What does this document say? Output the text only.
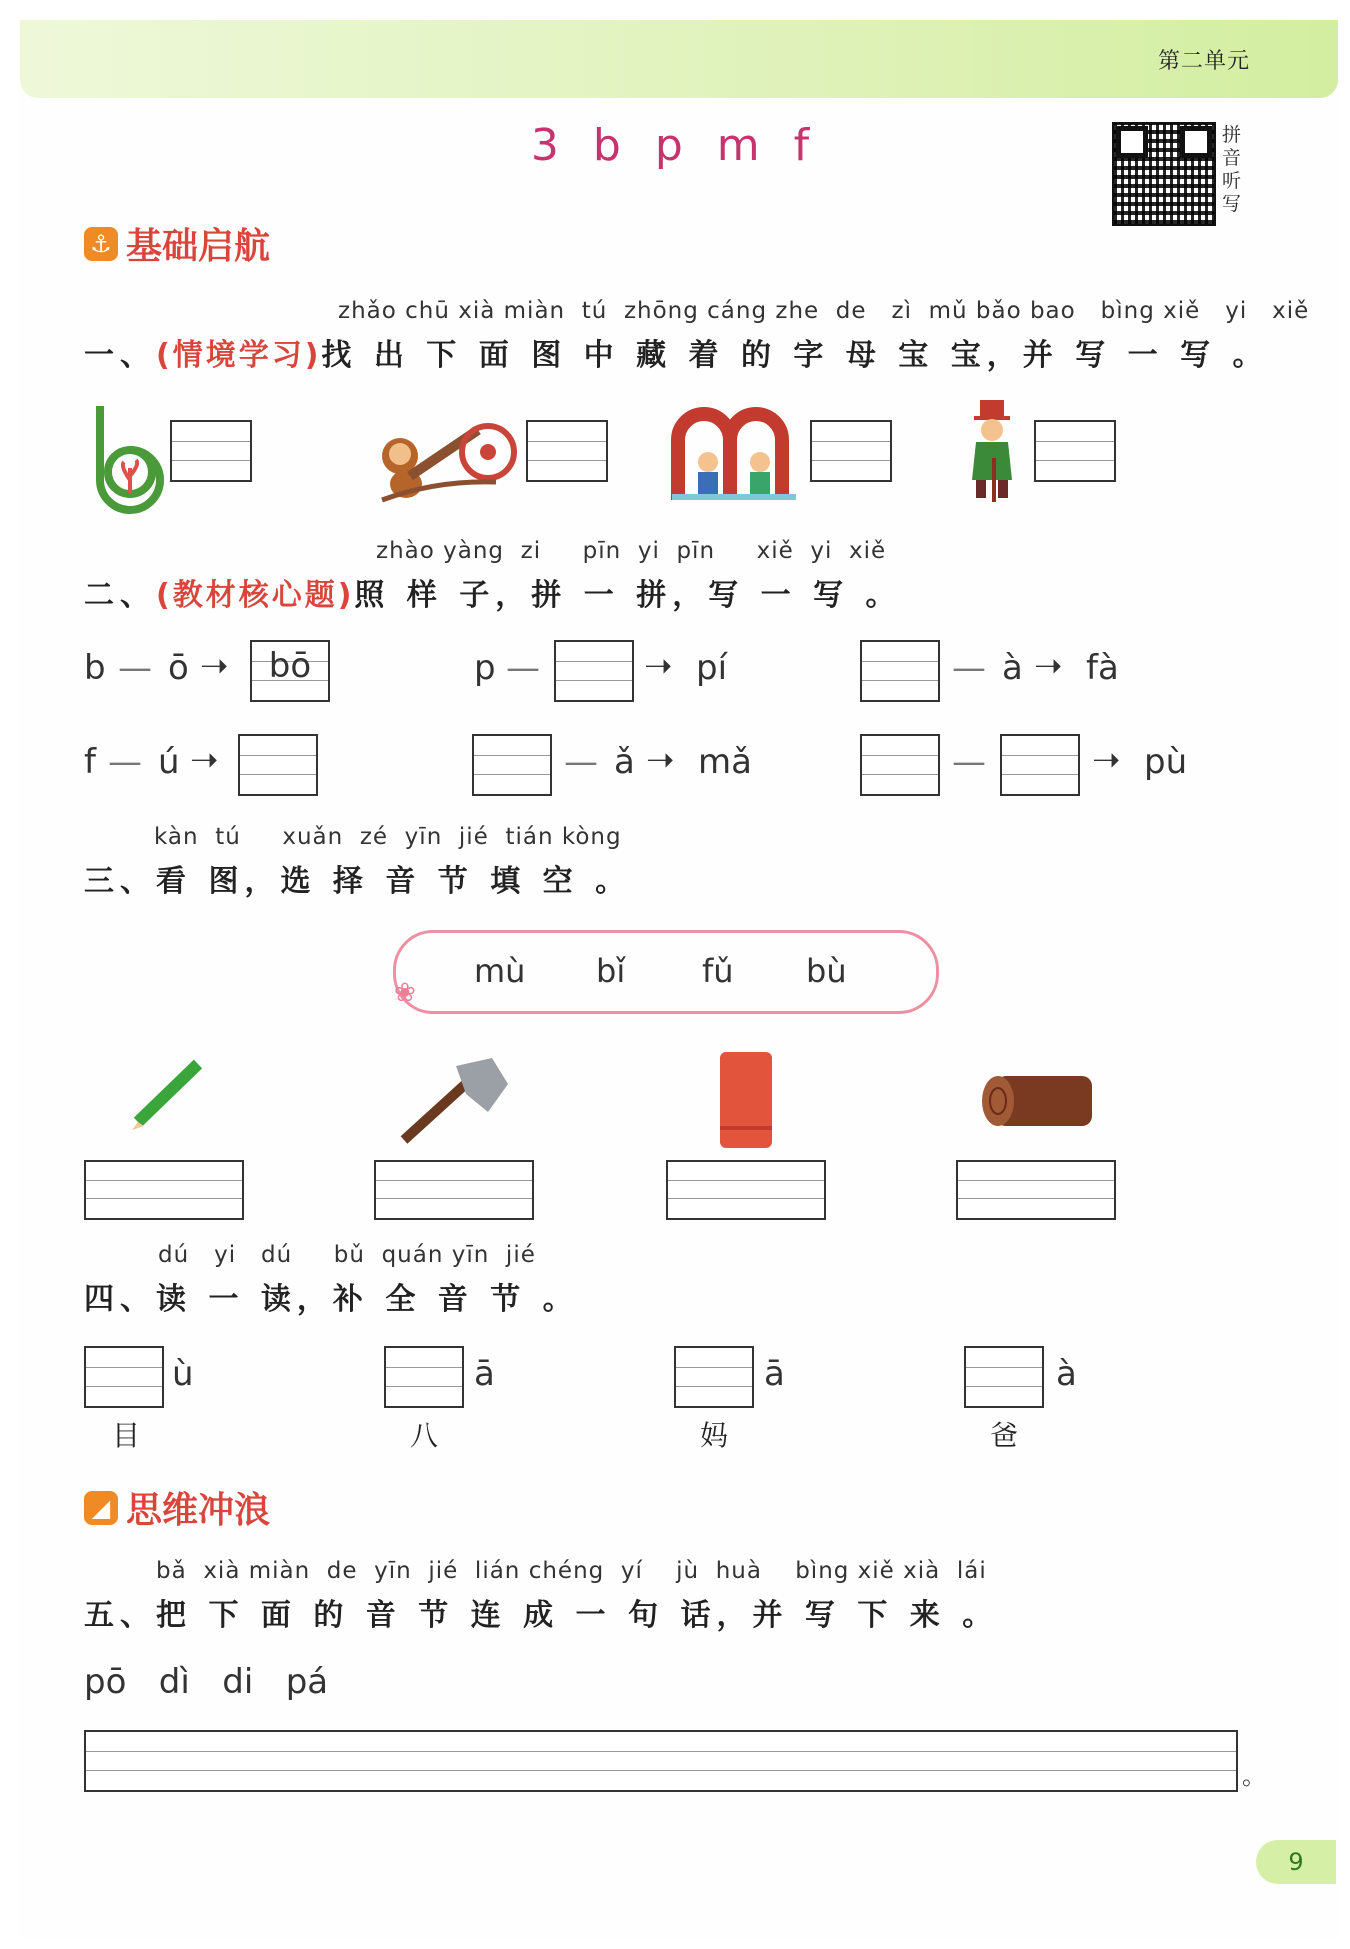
第二单元
3 b p m f	拼
音
听
写
⚓ 基础启航
zhǎo chū xià miàn  tú  zhōng cáng zhe  de   zì  mǔ bǎo bao   bìng xiě   yi   xiě
一、(情境学习)找 出 下 面 图 中 藏 着 的 字 母 宝 宝，并 写 一 写 。
zhào yàng  zi     pīn  yi  pīn     xiě  yi  xiě
二、(教材核心题)照 样 子，拼 一 拼，写 一 写 。
b — ō ➝	bō	p —	➝ pí	— à ➝ fà
f — ú ➝	— ǎ ➝ mǎ	—	➝ pù
kàn  tú     xuǎn  zé  yīn  jié  tián kòng
三、看 图，选 择 音 节 填 空 。
❀
mù bǐ fǔ bù
dú   yi   dú     bǔ  quán yīn  jié
四、读 一 读，补 全 音 节 。
ù
目
ā
八
ā
妈
à
爸
◢ 思维冲浪
bǎ  xià miàn  de  yīn  jié  lián chéng  yí    jù  huà    bìng xiě xià  lái
五、把 下 面 的 音 节 连 成 一 句 话，并 写 下 来 。
pō   dì   di   pá
。
9
